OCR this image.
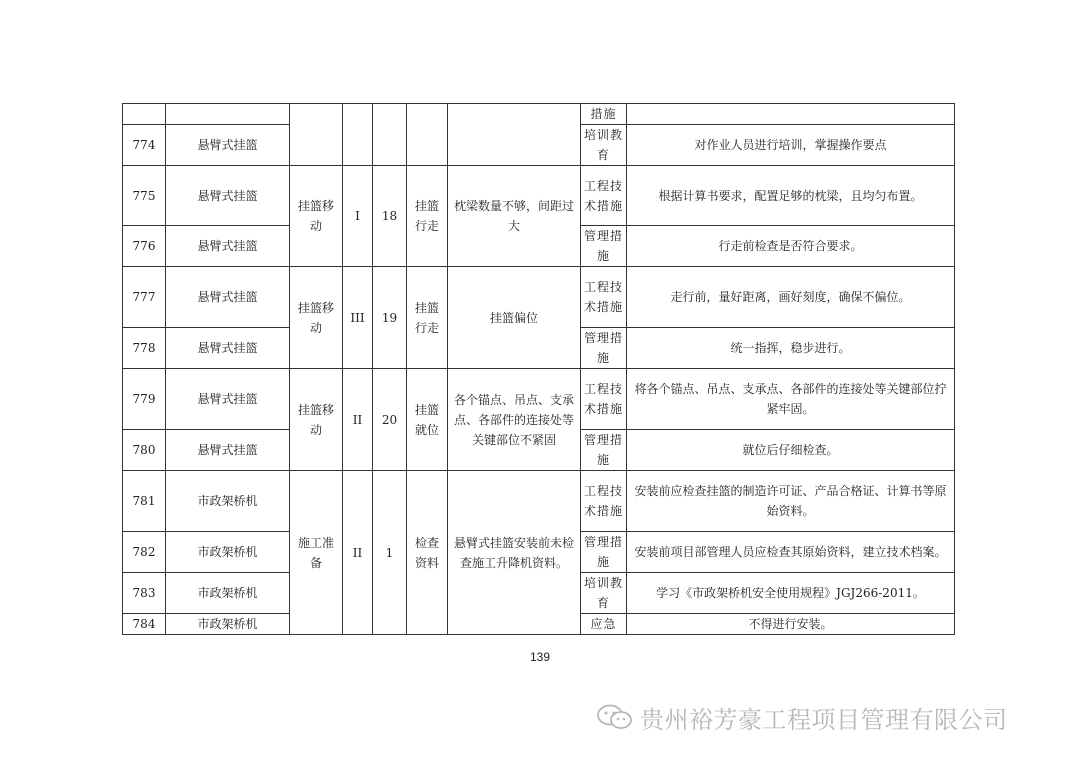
							措施	
774	悬臂式挂篮						培训教育	对作业人员进行培训，掌握操作要点
775	悬臂式挂篮	挂篮移动	I	18	挂篮行走	枕梁数量不够，间距过大	工程技术措施	根据计算书要求，配置足够的枕梁，且均匀布置。
776	悬臂式挂篮						管理措施	行走前检查是否符合要求。
777	悬臂式挂篮	挂篮移动	III	19	挂篮行走	挂篮偏位	工程技术措施	走行前，量好距离，画好刻度，确保不偏位。
778	悬臂式挂篮						管理措施	统一指挥，稳步进行。
779	悬臂式挂篮	挂篮移动	II	20	挂篮就位	各个锚点、吊点、支承点、各部件的连接处等关键部位不紧固	工程技术措施	将各个锚点、吊点、支承点、各部件的连接处等关键部位拧紧牢固。
780	悬臂式挂篮						管理措施	就位后仔细检查。
781	市政架桥机	施工准备	II	1	检查资料	悬臂式挂篮安装前未检查施工升降机资料。	工程技术措施	安装前应检查挂篮的制造许可证、产品合格证、计算书等原始资料。
782	市政架桥机						管理措施	安装前项目部管理人员应检查其原始资料，建立技术档案。
783	市政架桥机						培训教育	学习《市政架桥机安全使用规程》JGJ266-2011。
784	市政架桥机						应急	不得进行安装。
139
贵州裕芳豪工程项目管理有限公司
